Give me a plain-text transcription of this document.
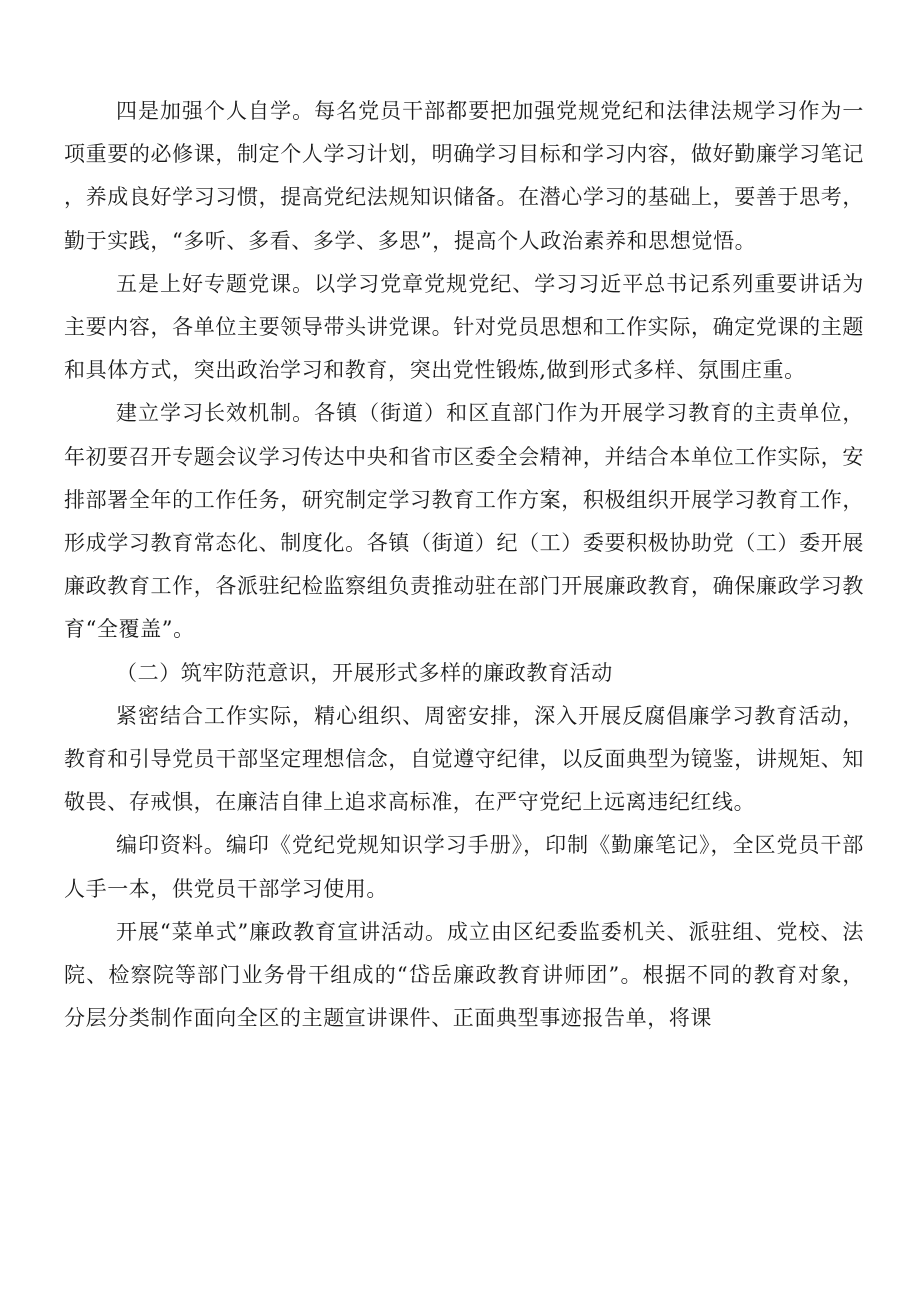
四是加强个人自学。每名党员干部都要把加强党规党纪和法律法规学习作为一项重要的必修课，制定个人学习计划，明确学习目标和学习内容，做好勤廉学习笔记，养成良好学习习惯，提高党纪法规知识储备。在潜心学习的基础上，要善于思考，勤于实践，“多听、多看、多学、多思”，提高个人政治素养和思想觉悟。

五是上好专题党课。以学习党章党规党纪、学习习近平总书记系列重要讲话为主要内容，各单位主要领导带头讲党课。针对党员思想和工作实际，确定党课的主题和具体方式，突出政治学习和教育，突出党性锻炼,做到形式多样、氛围庄重。

建立学习长效机制。各镇（街道）和区直部门作为开展学习教育的主责单位，年初要召开专题会议学习传达中央和省市区委全会精神，并结合本单位工作实际，安排部署全年的工作任务，研究制定学习教育工作方案，积极组织开展学习教育工作，形成学习教育常态化、制度化。各镇（街道）纪（工）委要积极协助党（工）委开展廉政教育工作，各派驻纪检监察组负责推动驻在部门开展廉政教育，确保廉政学习教育“全覆盖”。

（二）筑牢防范意识，开展形式多样的廉政教育活动

紧密结合工作实际，精心组织、周密安排，深入开展反腐倡廉学习教育活动，教育和引导党员干部坚定理想信念，自觉遵守纪律，以反面典型为镜鉴，讲规矩、知敬畏、存戒惧，在廉洁自律上追求高标准，在严守党纪上远离违纪红线。

编印资料。编印《党纪党规知识学习手册》，印制《勤廉笔记》，全区党员干部人手一本，供党员干部学习使用。

开展“菜单式”廉政教育宣讲活动。成立由区纪委监委机关、派驻组、党校、法院、检察院等部门业务骨干组成的“岱岳廉政教育讲师团”。根据不同的教育对象，分层分类制作面向全区的主题宣讲课件、正面典型事迹报告单，将课
